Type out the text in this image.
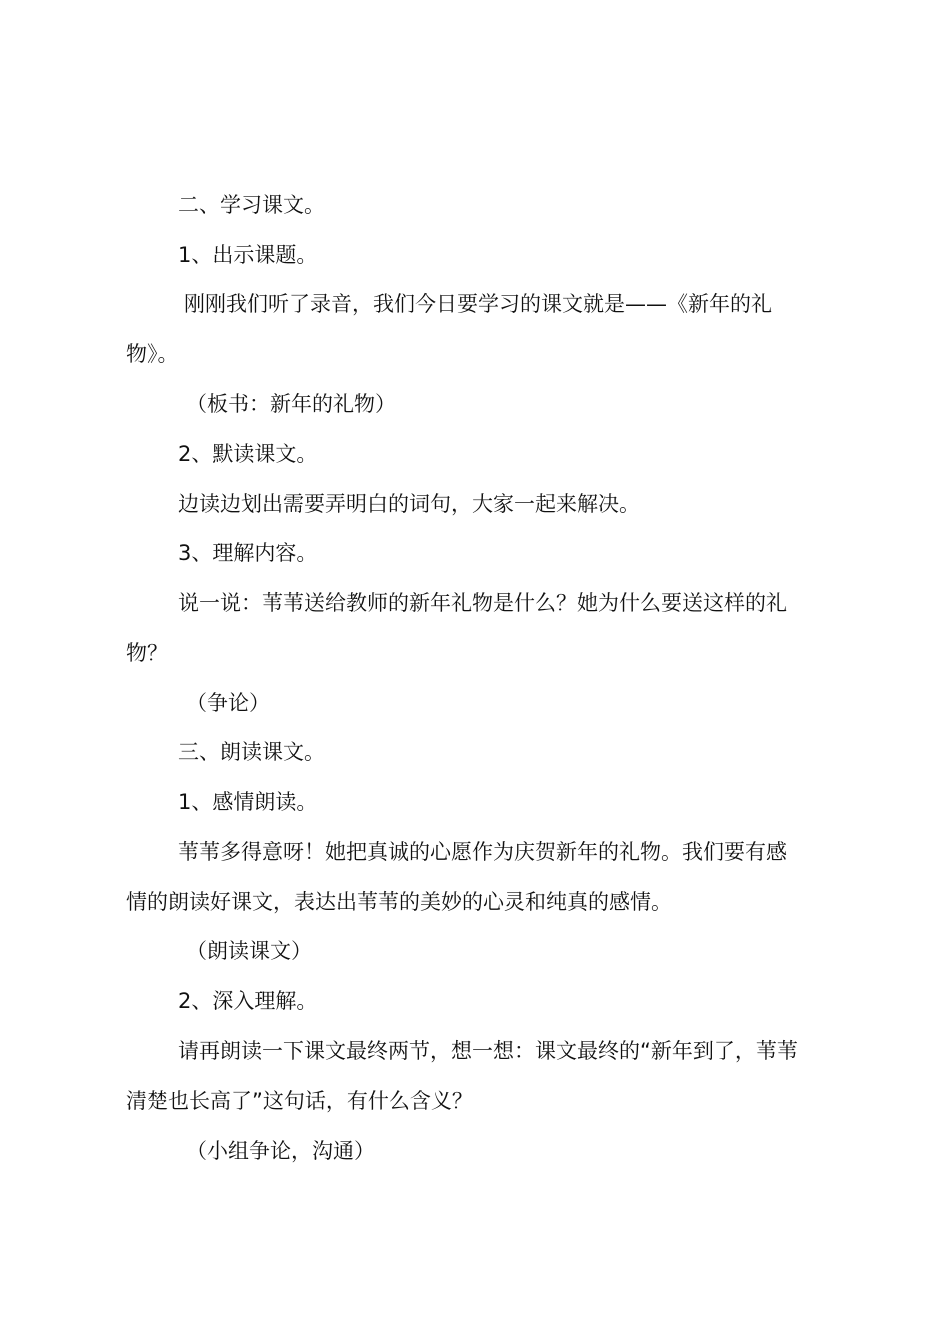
二、学习课文。
1、出示课题。
刚刚我们听了录音，我们今日要学习的课文就是——《新年的礼
物》。
（板书：新年的礼物）
2、默读课文。
边读边划出需要弄明白的词句，大家一起来解决。
3、理解内容。
说一说：苇苇送给教师的新年礼物是什么？她为什么要送这样的礼
物？
（争论）
三、朗读课文。
1、感情朗读。
苇苇多得意呀！她把真诚的心愿作为庆贺新年的礼物。我们要有感
情的朗读好课文，表达出苇苇的美妙的心灵和纯真的感情。
（朗读课文）
2、深入理解。
请再朗读一下课文最终两节，想一想：课文最终的“新年到了，苇苇
清楚也长高了”这句话，有什么含义？
（小组争论，沟通）
